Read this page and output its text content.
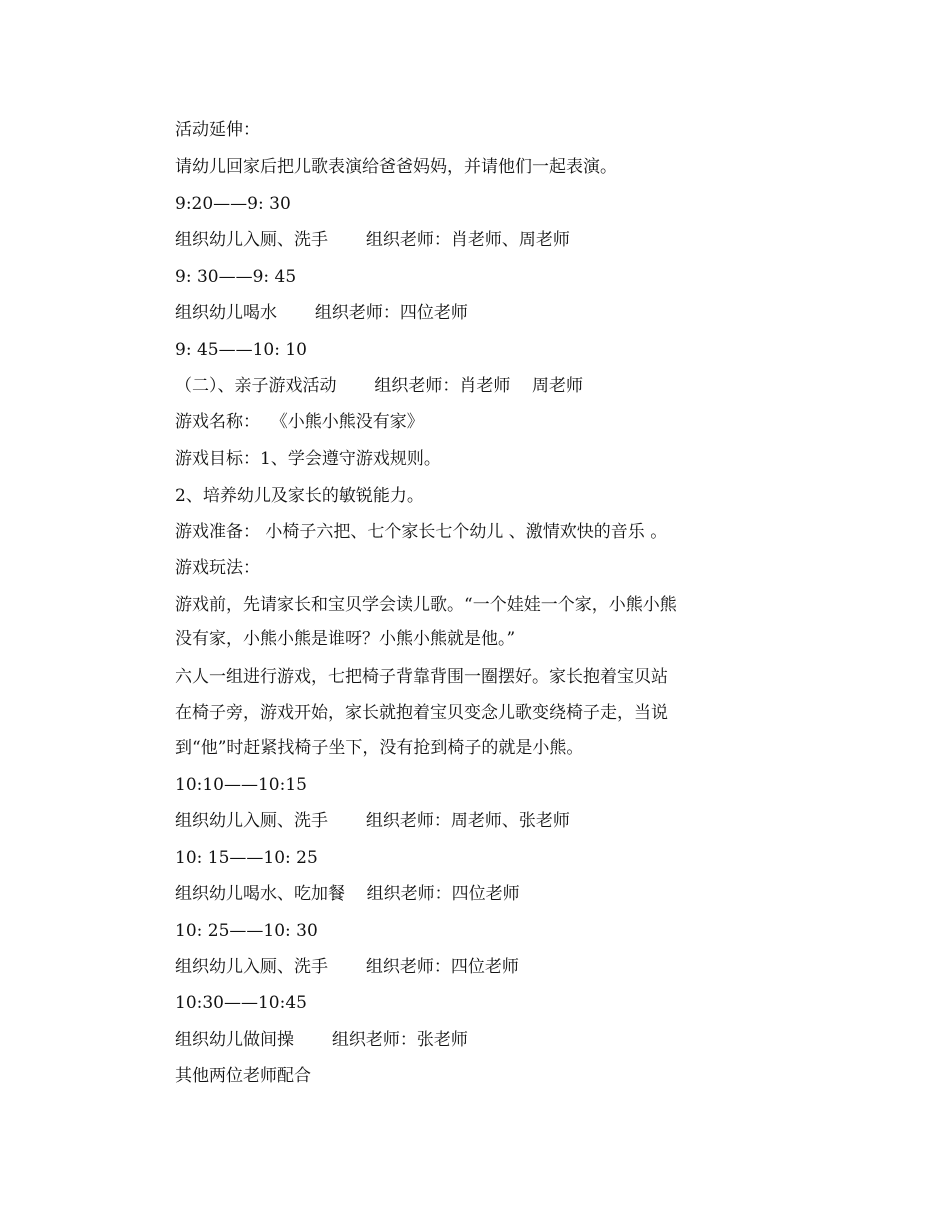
活动延伸：
请幼儿回家后把儿歌表演给爸爸妈妈，并请他们一起表演。
9:20——9: 30
组织幼儿入厕、洗手       组织老师：肖老师、周老师
9: 30——9: 45
组织幼儿喝水       组织老师：四位老师
9: 45——10: 10
（二）、亲子游戏活动       组织老师：肖老师    周老师
游戏名称：  《小熊小熊没有家》
游戏目标：1、学会遵守游戏规则。
2、培养幼儿及家长的敏锐能力。
游戏准备： 小椅子六把、七个家长七个幼儿 、激情欢快的音乐 。
游戏玩法：
游戏前，先请家长和宝贝学会读儿歌。“一个娃娃一个家，小熊小熊
没有家，小熊小熊是谁呀？小熊小熊就是他。”
六人一组进行游戏，七把椅子背靠背围一圈摆好。家长抱着宝贝站
在椅子旁，游戏开始，家长就抱着宝贝变念儿歌变绕椅子走，当说
到“他”时赶紧找椅子坐下，没有抢到椅子的就是小熊。
10:10——10:15
组织幼儿入厕、洗手       组织老师：周老师、张老师
10: 15——10: 25
组织幼儿喝水、吃加餐    组织老师：四位老师
10: 25——10: 30
组织幼儿入厕、洗手       组织老师：四位老师
10:30——10:45
组织幼儿做间操       组织老师：张老师
其他两位老师配合
